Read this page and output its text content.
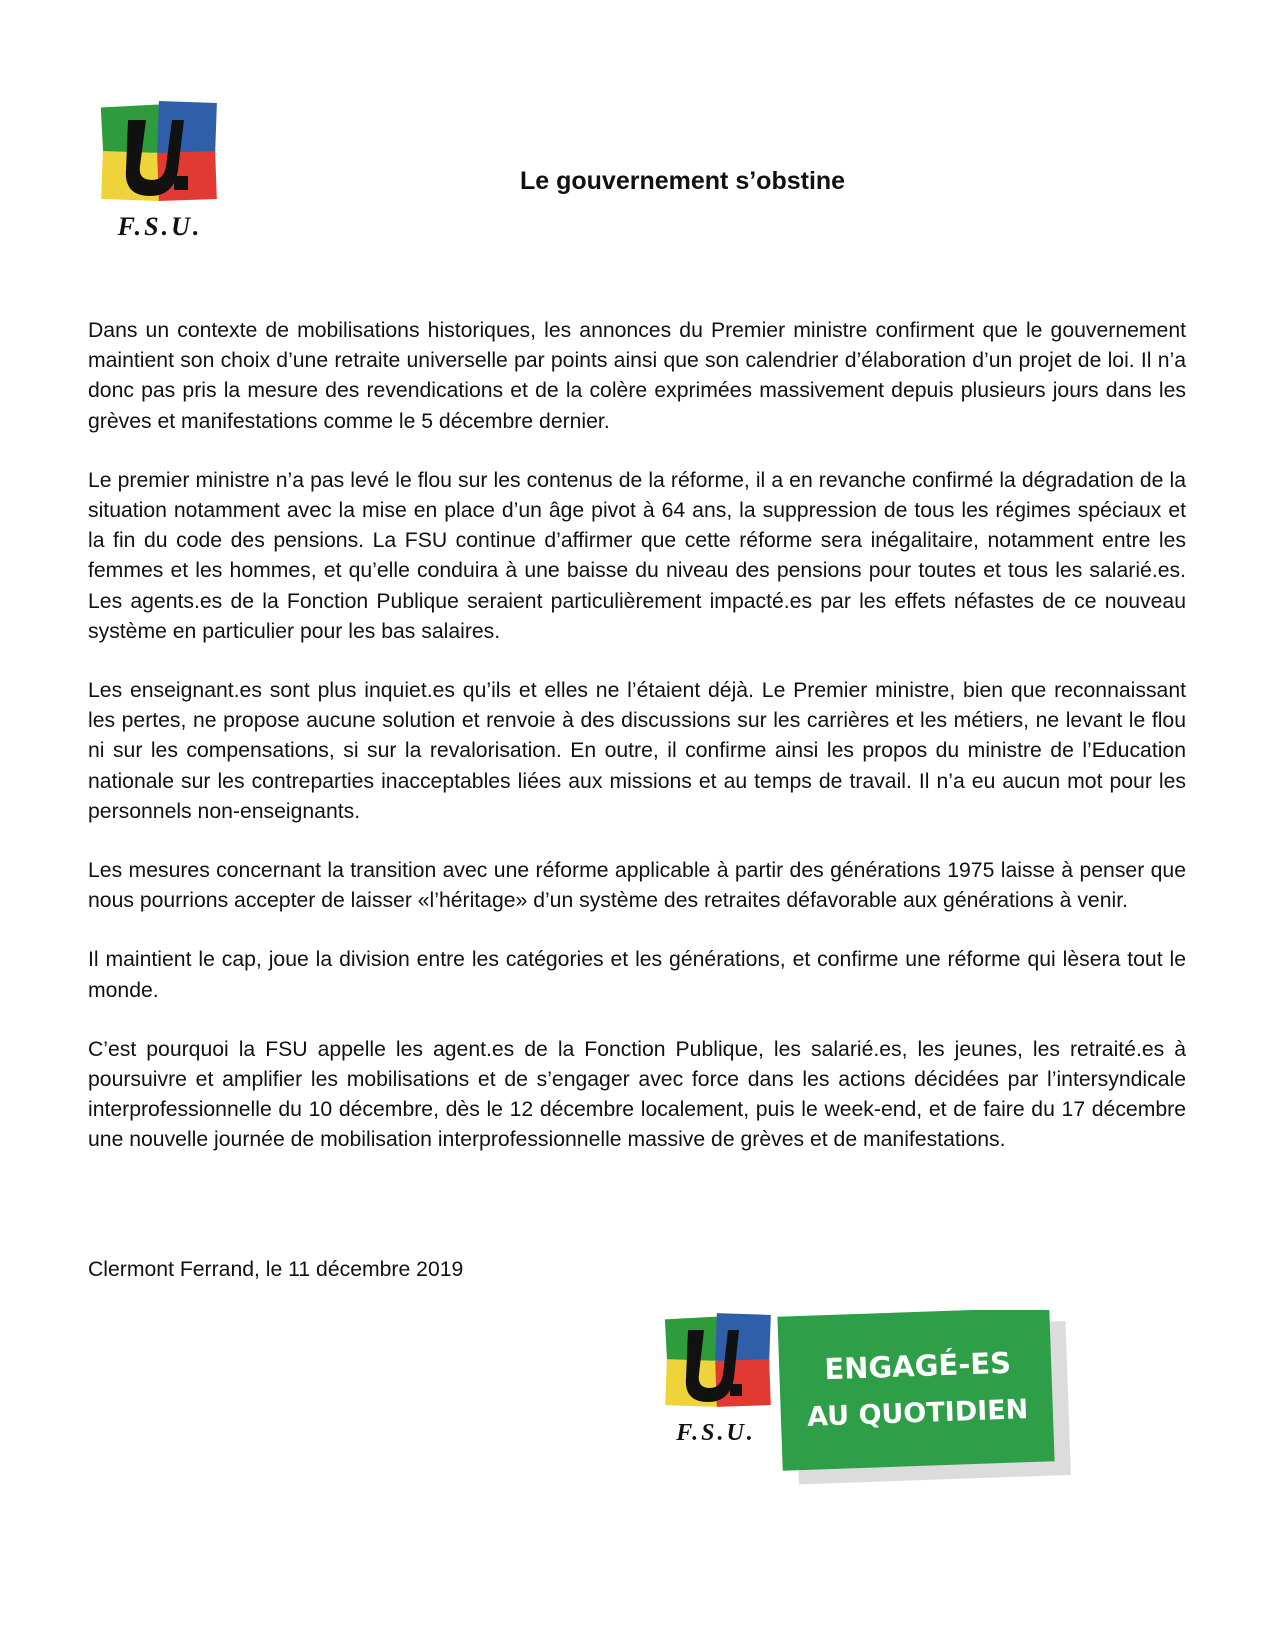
F.S.U.
Le gouvernement s’obstine

Dans un contexte de mobilisations historiques, les annonces du Premier ministre confirment que le gouvernement maintient son choix d’une retraite universelle par points ainsi que son calendrier d’élaboration d’un projet de loi. Il n’a donc pas pris la mesure des revendications et de la colère exprimées massivement depuis plusieurs jours dans les grèves et manifestations comme le 5 décembre dernier.

Le premier ministre n’a pas levé le flou sur les contenus de la réforme, il a en revanche confirmé la dégradation de la situation notamment avec la mise en place d’un âge pivot à 64 ans, la suppression de tous les régimes spéciaux et la fin du code des pensions. La FSU continue d’affirmer que cette réforme sera inégalitaire, notamment entre les femmes et les hommes, et qu’elle conduira à une baisse du niveau des pensions pour toutes et tous les salarié.es. Les agents.es de la Fonction Publique seraient particulièrement impacté.es par les effets néfastes de ce nouveau système en particulier pour les bas salaires.

Les enseignant.es sont plus inquiet.es qu’ils et elles ne l’étaient déjà. Le Premier ministre, bien que reconnaissant les pertes, ne propose aucune solution et renvoie à des discussions sur les carrières et les métiers, ne levant le flou ni sur les compensations, si sur la revalorisation. En outre, il confirme ainsi les propos du ministre de l’Education nationale sur les contreparties inacceptables liées aux missions et au temps de travail. Il n’a eu aucun mot pour les personnels non-enseignants.

Les mesures concernant la transition avec une réforme applicable à partir des générations 1975 laisse à penser que nous pourrions accepter de laisser «l’héritage» d’un système des retraites défavorable aux générations à venir.

Il maintient le cap, joue la division entre les catégories et les générations, et confirme une réforme qui lèsera tout le monde.

C’est pourquoi la FSU appelle les agent.es de la Fonction Publique, les salarié.es, les jeunes, les retraité.es à poursuivre et amplifier les mobilisations et de s’engager avec force dans les actions décidées par l’intersyndicale interprofessionnelle du 10 décembre, dès le 12 décembre localement, puis le week-end, et de faire du 17 décembre une nouvelle journée de mobilisation interprofessionnelle massive de grèves et de manifestations.

Clermont Ferrand, le 11 décembre 2019

F.S.U.
ENGAGÉ-ES
AU QUOTIDIEN
